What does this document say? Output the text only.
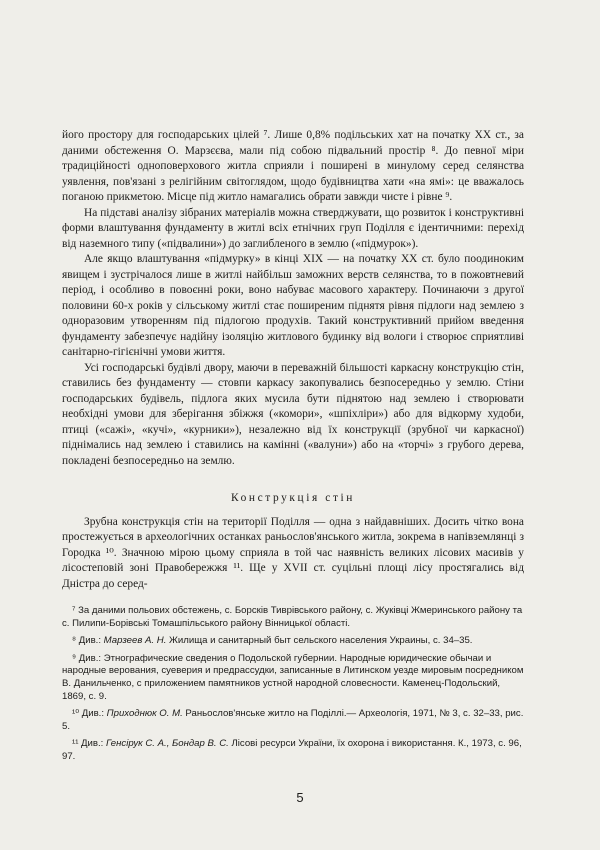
його простору для господарських цілей ⁷. Лише 0,8% подільських хат на початку XX ст., за даними обстеження О. Марзєєва, мали під собою підвальний простір ⁸. До певної міри традиційності одноповерхового житла сприяли і поширені в минулому серед селянства уявлення, пов'язані з релігійним світоглядом, щодо будівництва хати «на ямі»: це вважалось поганою прикметою. Місце під житло намагались обрати завжди чисте і рівне ⁹.

На підставі аналізу зібраних матеріалів можна стверджувати, що розвиток і конструктивні форми влаштування фундаменту в житлі всіх етнічних груп Поділля є ідентичними: перехід від наземного типу («підвалини») до заглибленого в землю («підмурок»).

Але якщо влаштування «підмурку» в кінці XIX — на початку XX ст. було поодиноким явищем і зустрічалося лише в житлі найбільш заможних верств селянства, то в пожовтневий період, і особливо в повоєнні роки, воно набуває масового характеру. Починаючи з другої половини 60-х років у сільському житлі стає поширеним піднятя рівня підлоги над землею з одноразовим утворенням під підлогою продухів. Такий конструктивний прийом введення фундаменту забезпечує надійну ізоляцію житлового будинку від вологи і створює сприятливі санітарно-гігієнічні умови життя.

Усі господарські будівлі двору, маючи в переважній більшості каркасну конструкцію стін, ставились без фундаменту — стовпи каркасу закопувались безпосередньо у землю. Стіни господарських будівель, підлога яких мусила бути піднятою над землею і створювати необхідні умови для зберігання збіжжя («комори», «шпіхліри») або для відкорму худоби, птиці («сажі», «кучі», «курники»), незалежно від їх конструкції (зрубної чи каркасної) піднімались над землею і ставились на камінні («валуни») або на «торчі» з грубого дерева, покладені безпосередньо на землю.

Конструкція стін

Зрубна конструкція стін на території Поділля — одна з найдавніших. Досить чітко вона простежується в археологічних останках раньослов'янського житла, зокрема в напівземлянці з Городка ¹⁰. Значною мірою цьому сприяла в той час наявність великих лісових масивів у лісостеповій зоні Правобережжя ¹¹. Ще у XVII ст. суцільні площі лісу простягались від Дністра до серед-

⁷ За даними польових обстежень, с. Борсків Тиврівського району, с. Жуківці Жмеринського району та с. Пилипи-Борівські Томашпільського району Вінницької області.

⁸ Див.: Марзеев А. Н. Жилища и санитарный быт сельского населения Украины, с. 34–35.

⁹ Див.: Этнографические сведения о Подольской губернии. Народные юридические обычаи и народные верования, суеверия и предрассудки, записанные в Литинском уезде мировым посредником В. Данильченко, с приложением памятников устной народной словесности. Каменец-Подольский, 1869, с. 9.

¹⁰ Див.: Приходнюк О. М. Раньослов'янське житло на Поділлі.— Археологія, 1971, № 3, с. 32–33, рис. 5.

¹¹ Див.: Генсірук С. А., Бондар В. С. Лісові ресурси України, їх охорона і використання. К., 1973, с. 96, 97.

5
